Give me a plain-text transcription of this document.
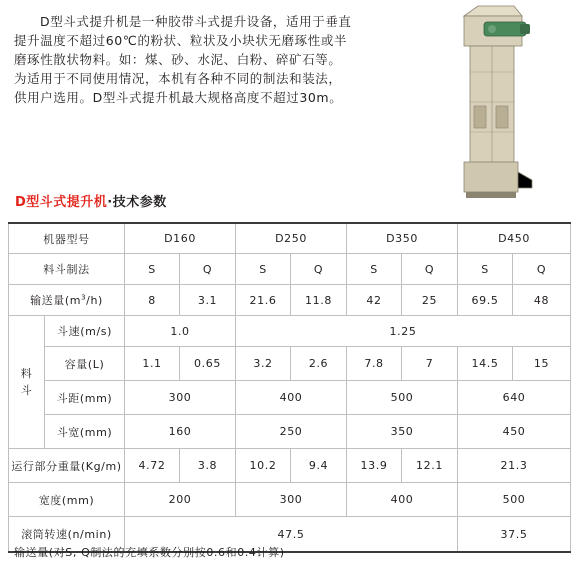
D型斗式提升机是一种胶带斗式提升设备，适用于垂直

提升温度不超过60℃的粉状、粒状及小块状无磨琢性或半
磨琢性散状物料。如：煤、砂、水泥、白粉、碎矿石等。
为适用于不同使用情况，本机有各种不同的制法和装法，
供用户选用。D型斗式提升机最大规格高度不超过30m。
D型斗式提升机·技术参数
机器型号		D160		D250		D350		D450	
料斗制法		S	Q	S	Q	S	Q	S	Q
输送量$(m^3/h)$		8	3.1	21.6	11.8	42	25	69.5	48
料
斗	斗速(m/s)	1.0		1.25					
	容量(L)	1.1	0.65	3.2	2.6	7.8	7	14.5	15
	斗距(mm)	300		400		500		640	
	斗宽(mm)	160		250		350		450	
运行部分重量(Kg/m)		4.72	3.8	10.2	9.4	13.9	12.1	21.3	
宽度(mm)		200		300		400		500	
滚筒转速(n/min)		47.5						37.5	
输送量(对S, Q制法的充填系数分别按0.6和0.4计算)
